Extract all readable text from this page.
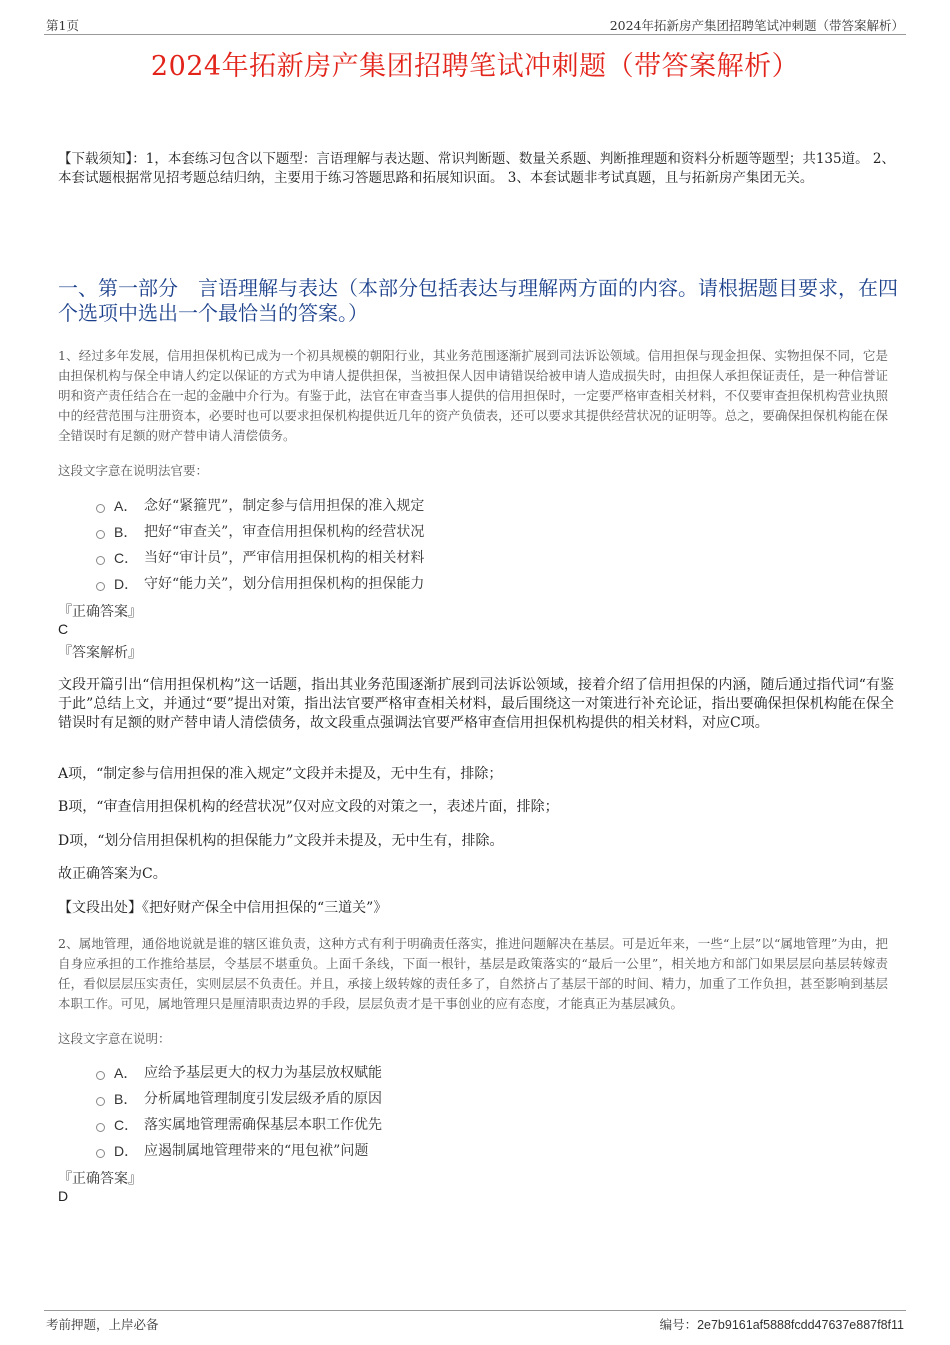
第1页	2024年拓新房产集团招聘笔试冲刺题（带答案解析）
2024年拓新房产集团招聘笔试冲刺题（带答案解析）
【下载须知】：1，本套练习包含以下题型：言语理解与表达题、常识判断题、数量关系题、判断推理题和资料分析题等题型；共135道。 2、本套试题根据常见招考题总结归纳，主要用于练习答题思路和拓展知识面。 3、本套试题非考试真题，且与拓新房产集团无关。
一、第一部分　言语理解与表达（本部分包括表达与理解两方面的内容。请根据题目要求，在四个选项中选出一个最恰当的答案。）
1、经过多年发展，信用担保机构已成为一个初具规模的朝阳行业，其业务范围逐渐扩展到司法诉讼领域。信用担保与现金担保、实物担保不同，它是由担保机构与保全申请人约定以保证的方式为申请人提供担保，当被担保人因申请错误给被申请人造成损失时，由担保人承担保证责任，是一种信誉证明和资产责任结合在一起的金融中介行为。有鉴于此，法官在审查当事人提供的信用担保时，一定要严格审查相关材料，不仅要审查担保机构营业执照中的经营范围与注册资本，必要时也可以要求担保机构提供近几年的资产负债表，还可以要求其提供经营状况的证明等。总之，要确保担保机构能在保全错误时有足额的财产替申请人清偿债务。
这段文字意在说明法官要：
A． 念好“紧箍咒”，制定参与信用担保的准入规定
B． 把好“审查关”，审查信用担保机构的经营状况
C． 当好“审计员”，严审信用担保机构的相关材料
D． 守好“能力关”，划分信用担保机构的担保能力
『正确答案』
C
『答案解析』
文段开篇引出“信用担保机构”这一话题，指出其业务范围逐渐扩展到司法诉讼领域，接着介绍了信用担保的内涵，随后通过指代词“有鉴于此”总结上文，并通过“要”提出对策，指出法官要严格审查相关材料，最后围绕这一对策进行补充论证，指出要确保担保机构能在保全错误时有足额的财产替申请人清偿债务，故文段重点强调法官要严格审查信用担保机构提供的相关材料，对应C项。
A项，“制定参与信用担保的准入规定”文段并未提及，无中生有，排除；
B项，“审查信用担保机构的经营状况”仅对应文段的对策之一，表述片面，排除；
D项，“划分信用担保机构的担保能力”文段并未提及，无中生有，排除。
故正确答案为C。
【文段出处】《把好财产保全中信用担保的“三道关”》
2、属地管理，通俗地说就是谁的辖区谁负责，这种方式有利于明确责任落实，推进问题解决在基层。可是近年来，一些“上层”以“属地管理”为由，把自身应承担的工作推给基层，令基层不堪重负。上面千条线，下面一根针，基层是政策落实的“最后一公里”，相关地方和部门如果层层向基层转嫁责任，看似层层压实责任，实则层层不负责任。并且，承接上级转嫁的责任多了，自然挤占了基层干部的时间、精力，加重了工作负担，甚至影响到基层本职工作。可见，属地管理只是厘清职责边界的手段，层层负责才是干事创业的应有态度，才能真正为基层减负。
这段文字意在说明：
A． 应给予基层更大的权力为基层放权赋能
B． 分析属地管理制度引发层级矛盾的原因
C． 落实属地管理需确保基层本职工作优先
D． 应遏制属地管理带来的“甩包袱”问题
『正确答案』
D
考前押题，上岸必备	编号：2e7b9161af5888fcdd47637e887f8f11
